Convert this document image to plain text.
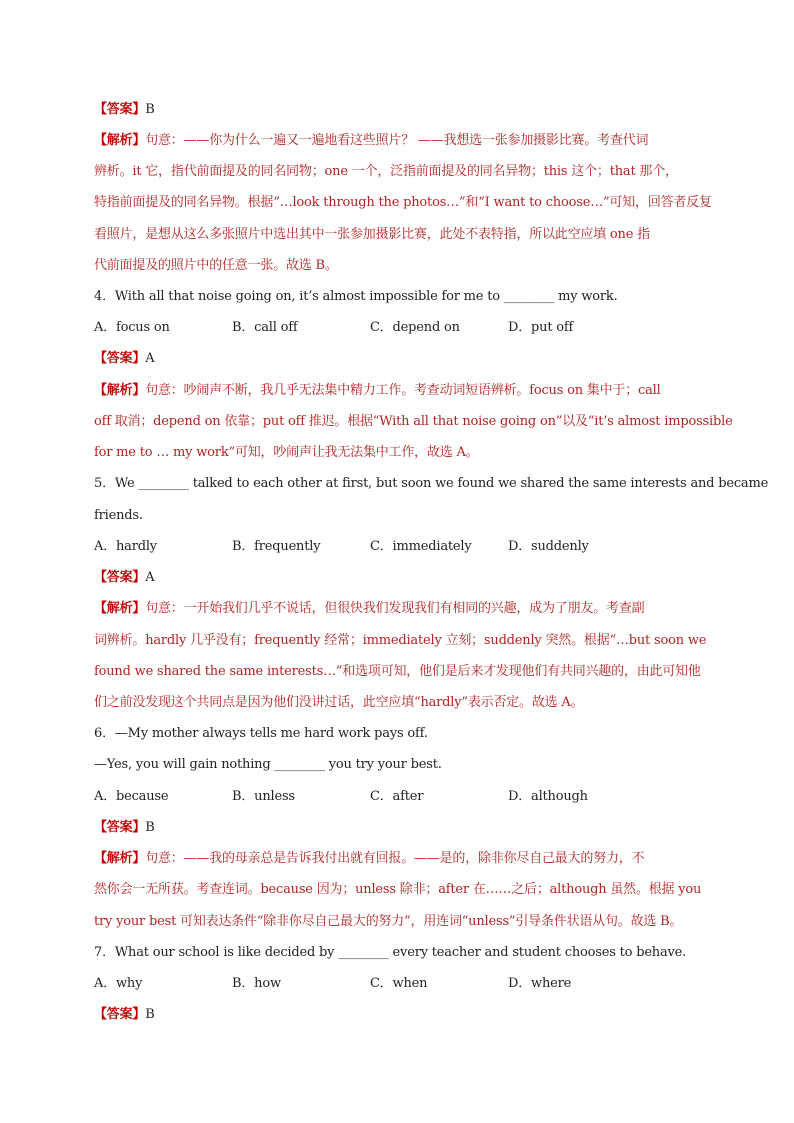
【答案】B
【解析】句意：——你为什么一遍又一遍地看这些照片？ ——我想选一张参加摄影比赛。考查代词
辨析。it 它，指代前面提及的同名同物；one 一个，泛指前面提及的同名异物；this 这个；that 那个，
特指前面提及的同名异物。根据“…look through the photos…”和“I want to choose…”可知，回答者反复
看照片，是想从这么多张照片中选出其中一张参加摄影比赛，此处不表特指，所以此空应填 one 指
代前面提及的照片中的任意一张。故选 B。
4．With all that noise going on, it’s almost impossible for me to ________ my work.
A．focus on	B．call off	C．depend on	D．put off
【答案】A
【解析】句意：吵闹声不断，我几乎无法集中精力工作。考查动词短语辨析。focus on 集中于；call
off 取消；depend on 依靠；put off 推迟。根据“With all that noise going on”以及“it’s almost impossible
for me to … my work”可知，吵闹声让我无法集中工作，故选 A。
5．We ________ talked to each other at first, but soon we found we shared the same interests and became
friends.
A．hardly	B．frequently	C．immediately	D．suddenly
【答案】A
【解析】句意：一开始我们几乎不说话，但很快我们发现我们有相同的兴趣，成为了朋友。考查副
词辨析。hardly 几乎没有；frequently 经常；immediately 立刻；suddenly 突然。根据“…but soon we
found we shared the same interests…”和选项可知，他们是后来才发现他们有共同兴趣的，由此可知他
们之前没发现这个共同点是因为他们没讲过话，此空应填“hardly”表示否定。故选 A。
6．—My mother always tells me hard work pays off.
—Yes, you will gain nothing ________ you try your best.
A．because	B．unless	C．after	D．although
【答案】B
【解析】句意：——我的母亲总是告诉我付出就有回报。——是的，除非你尽自己最大的努力，不
然你会一无所获。考查连词。because 因为；unless 除非；after 在……之后；although 虽然。根据 you
try your best 可知表达条件“除非你尽自己最大的努力”，用连词“unless”引导条件状语从句。故选 B。
7．What our school is like decided by ________ every teacher and student chooses to behave.
A．why	B．how	C．when	D．where
【答案】B
